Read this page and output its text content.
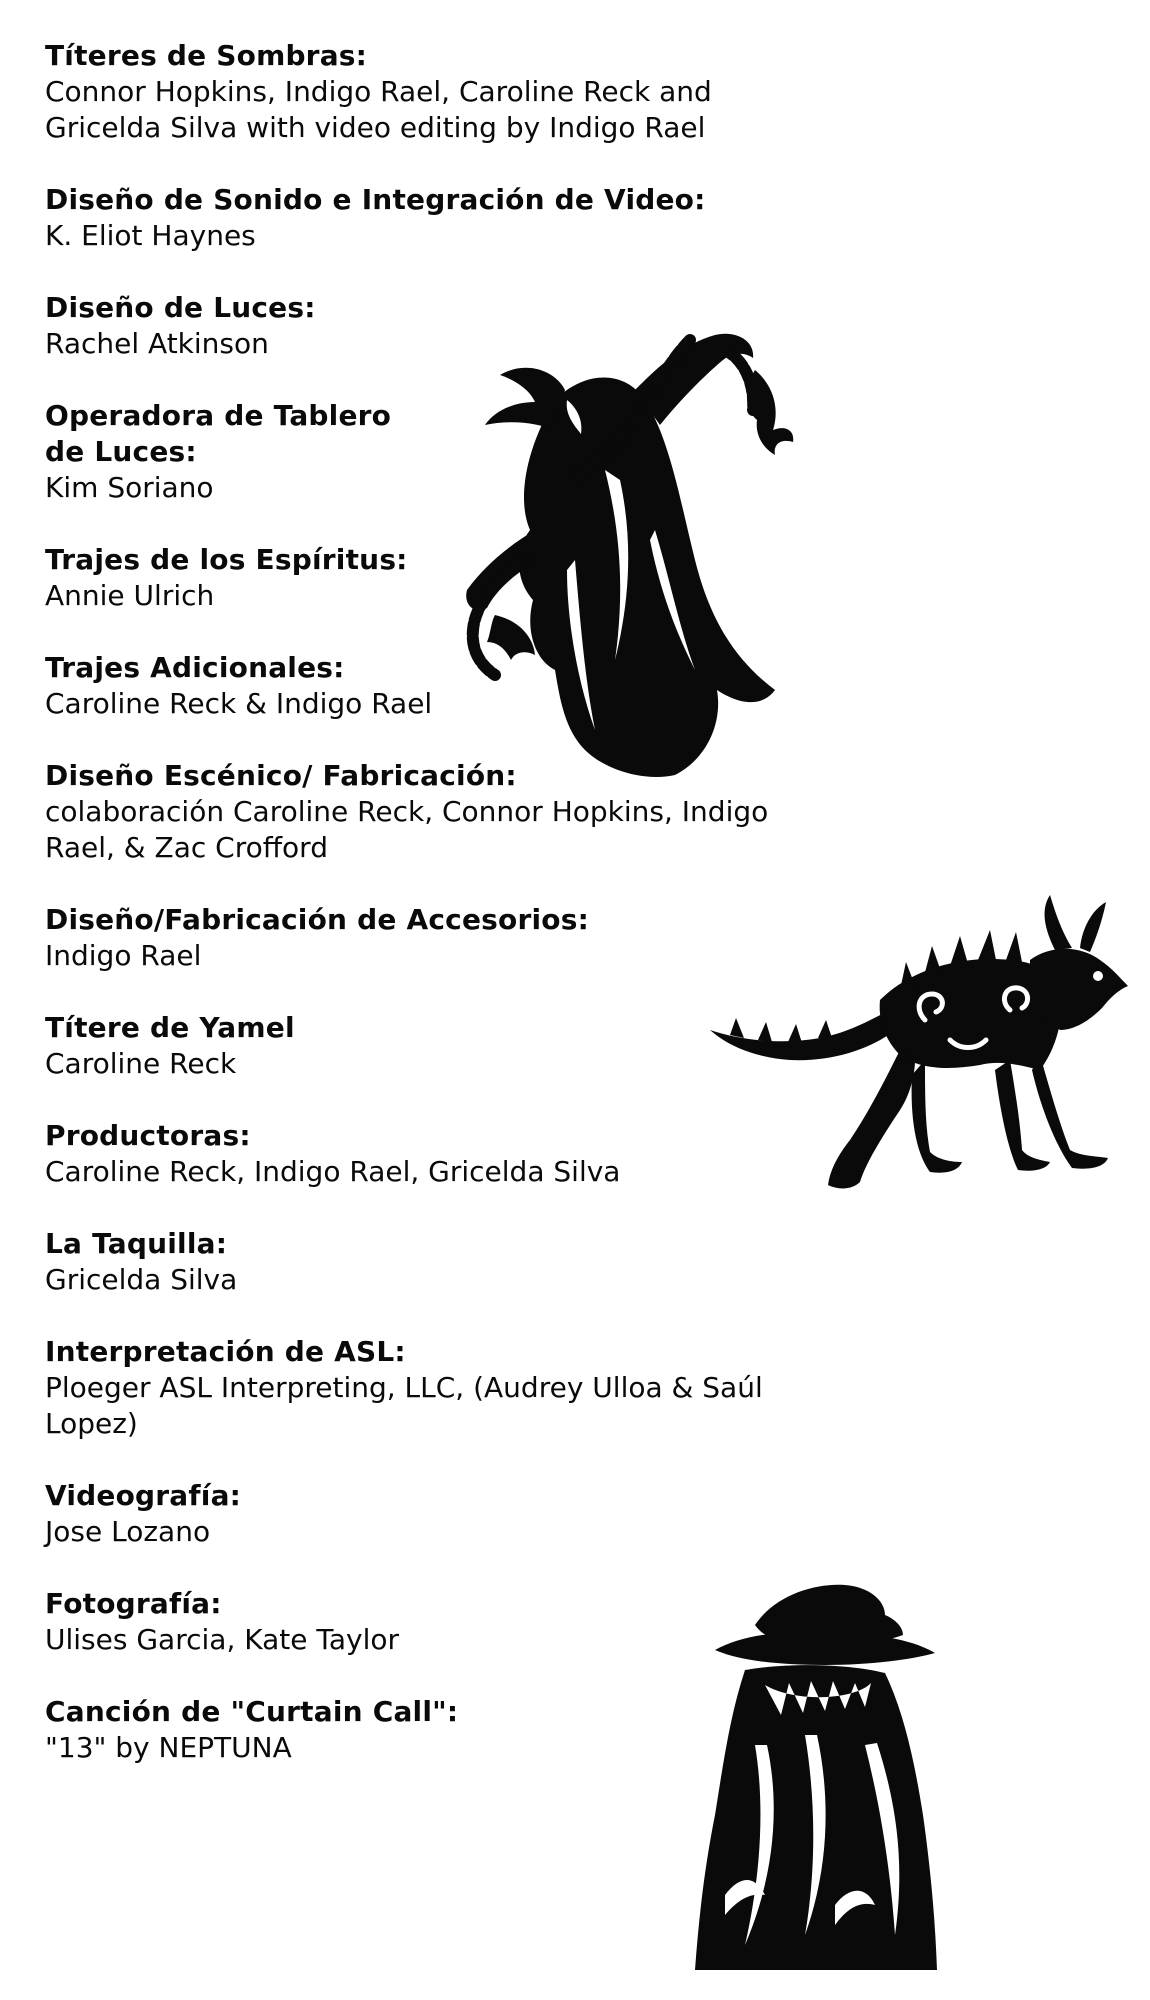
Títeres de Sombras:

Connor Hopkins, Indigo Rael, Caroline Reck and

Gricelda Silva with video editing by Indigo Rael

Diseño de Sonido e Integración de Video:

K. Eliot Haynes

Diseño de Luces:

Rachel Atkinson

Operadora de Tablero
de Luces:

Kim Soriano

Trajes de los Espíritus:

Annie Ulrich

Trajes Adicionales:

Caroline Reck & Indigo Rael

Diseño Escénico/ Fabricación:

colaboración Caroline Reck, Connor Hopkins, Indigo

Rael, & Zac Crofford

Diseño/Fabricación de Accesorios:

Indigo Rael

Títere de Yamel

Caroline Reck

Productoras:

Caroline Reck, Indigo Rael, Gricelda Silva

La Taquilla:

Gricelda Silva

Interpretación de ASL:

Ploeger ASL Interpreting, LLC, (Audrey Ulloa & Saúl

Lopez)

Videografía:

Jose Lozano

Fotografía:

Ulises Garcia, Kate Taylor

Canción de "Curtain Call":

"13" by NEPTUNA
